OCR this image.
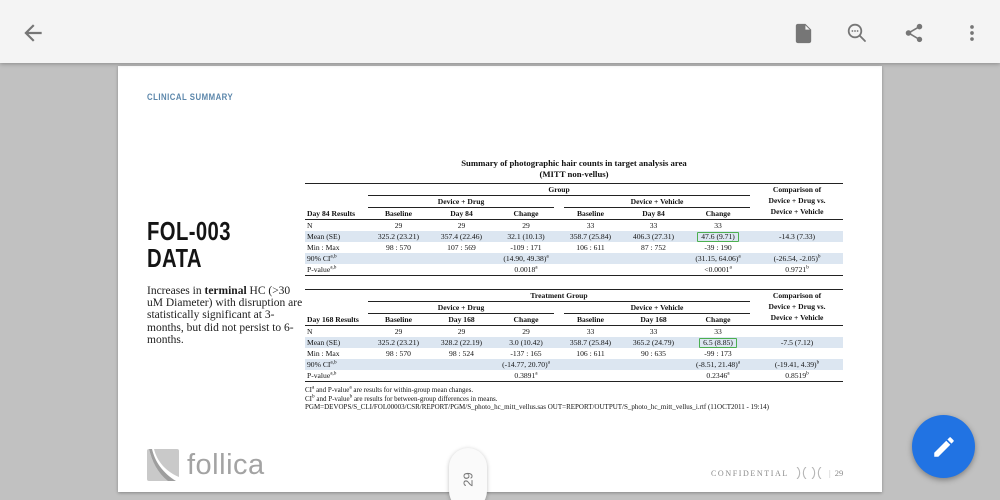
CLINICAL SUMMARY
FOL-003
DATA
Increases in terminal HC (>30 uM Diameter) with disruption are statistically significant at 3-months, but did not persist to 6-months.
Summary of photographic hair counts in target analysis area
(MITT non-vellus)

	Group						Comparison of
Device + Drug vs.
Device + Vehicle

	Device + Drug			Device + Vehicle			

Day 84 Results	Baseline	Day 84	Change	Baseline	Day 84	Change	
N	29	29	29	33	33	33	
Mean (SE)	325.2 (23.21)	357.4 (22.46)	32.1 (10.13)	358.7 (25.84)	406.3 (27.31)	47.6 (9.71)	-14.3 (7.33)
Min : Max	98 : 570	107 : 569	-109 : 171	106 : 611	87 : 752	-39 : 190	
90% CI$^{a,b}$			(14.90, 49.38)$^a$			(31.15, 64.06)$^a$	(-26.54, -2.05)$^b$
P-value$^{a,b}$			0.0018$^a$			<0.0001$^a$	0.9721$^b$

	Treatment Group						Comparison of
Device + Drug vs.
Device + Vehicle

	Device + Drug			Device + Vehicle			

Day 168 Results	Baseline	Day 168	Change	Baseline	Day 168	Change	
N	29	29	29	33	33	33	
Mean (SE)	325.2 (23.21)	328.2 (22.19)	3.0 (10.42)	358.7 (25.84)	365.2 (24.79)	6.5 (8.85)	-7.5 (7.12)
Min : Max	98 : 570	98 : 524	-137 : 165	106 : 611	90 : 635	-99 : 173	
90% CI$^{a,b}$			(-14.77, 20.70)$^a$			(-8.51, 21.48)$^a$	(-19.41, 4.39)$^b$
P-value$^{a,b}$			0.3891$^a$			0.2346$^a$	0.8519$^b$
$CI^a$ and P-value$^a$ are results for within-group mean changes.
$CI^b$ and P-value$^b$ are results for between-group differences in means.
PGM=DEVOPS/S_CLI/FOL00003/CSR/REPORT/PGM/S_photo_hc_mitt_vellus.sas OUT=REPORT/OUTPUT/S_photo_hc_mitt_vellus_i.rtf (11OCT2011 - 19:14)
follica	CONFIDENTIAL	| 29
29
